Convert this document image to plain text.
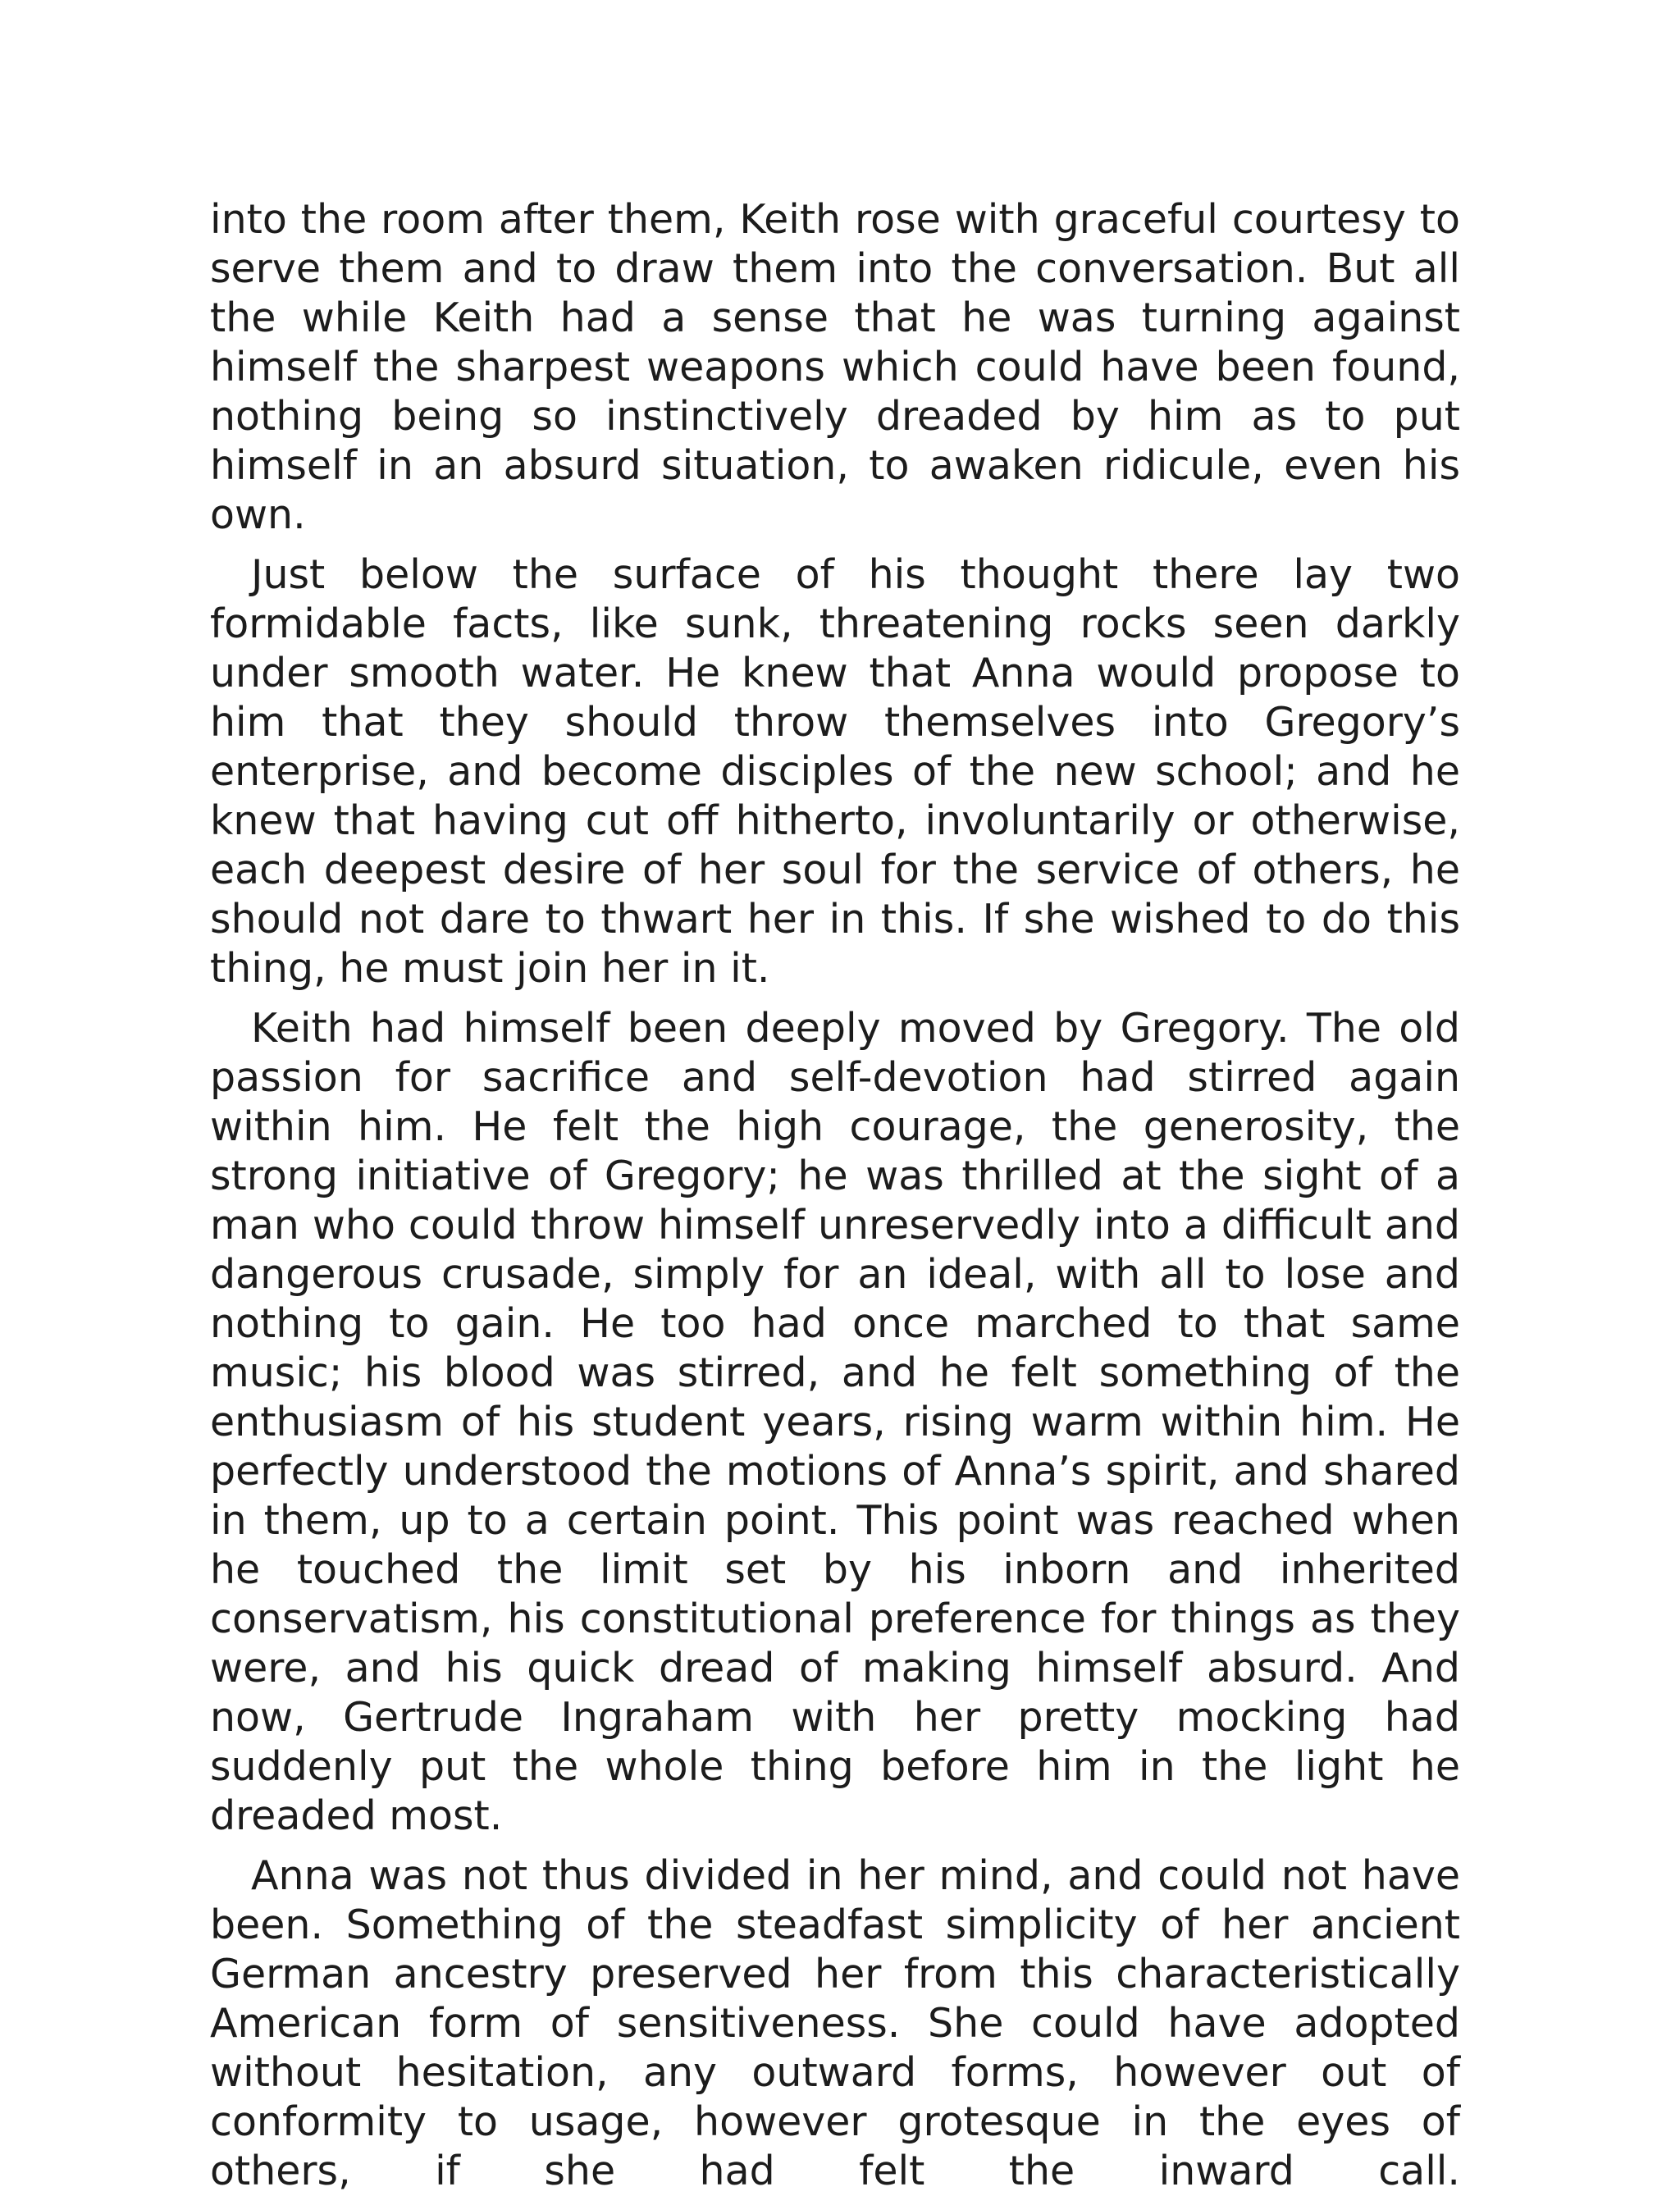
into the room after them, Keith rose with graceful courtesy to serve them and to draw them into the conversation. But all the while Keith had a sense that he was turning against himself the sharpest weapons which could have been found, nothing being so instinctively dreaded by him as to put himself in an absurd situation, to awaken ridicule, even his own.

Just below the surface of his thought there lay two formidable facts, like sunk, threatening rocks seen darkly under smooth water. He knew that Anna would propose to him that they should throw themselves into Gregory’s enterprise, and become disciples of the new school; and he knew that having cut off hitherto, involuntarily or otherwise, each deepest desire of her soul for the service of others, he should not dare to thwart her in this. If she wished to do this thing, he must join her in it.

Keith had himself been deeply moved by Gregory. The old passion for sacrifice and self-devotion had stirred again within him. He felt the high courage, the generosity, the strong initiative of Gregory; he was thrilled at the sight of a man who could throw himself unreservedly into a difficult and dangerous crusade, simply for an ideal, with all to lose and nothing to gain. He too had once marched to that same music; his blood was stirred, and he felt something of the enthusiasm of his student years, rising warm within him. He perfectly understood the motions of Anna’s spirit, and shared in them, up to a certain point. This point was reached when he touched the limit set by his inborn and inherited conservatism, his constitutional preference for things as they were, and his quick dread of making himself absurd. And now, Gertrude Ingraham with her pretty mocking had suddenly put the whole thing before him in the light he dreaded most.

Anna was not thus divided in her mind, and could not have been. Something of the steadfast simplicity of her ancient German ancestry preserved her from this characteristically American form of sensitiveness. She could have adopted without hesitation, any outward forms, however out of conformity to usage, however grotesque in the eyes of others, if she had felt the inward call.
